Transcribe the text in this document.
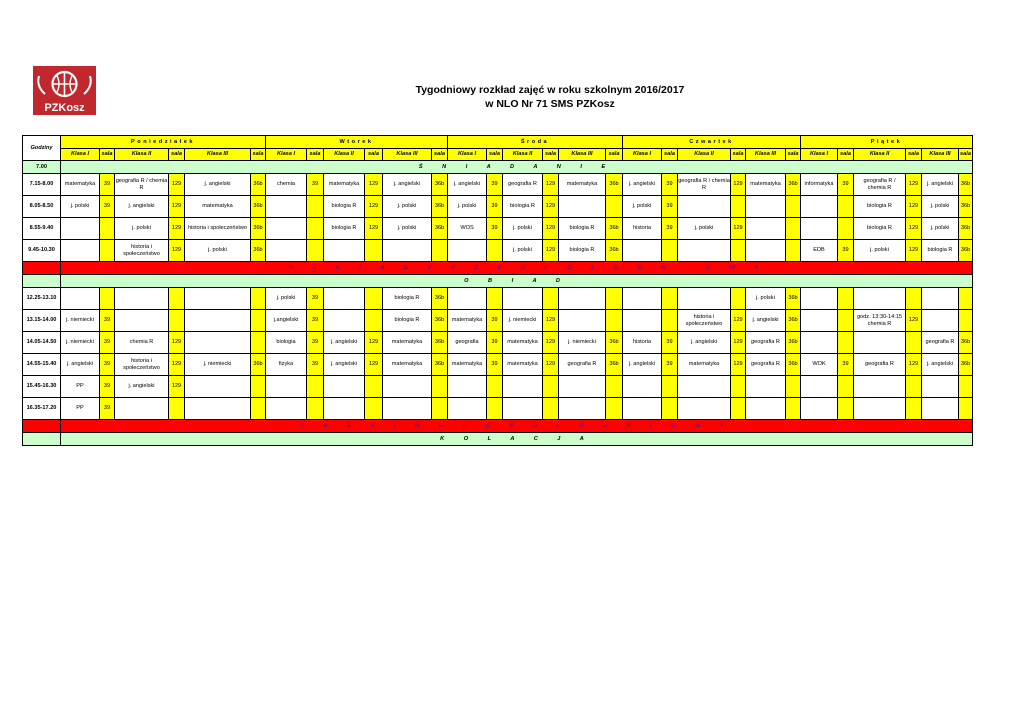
PZKosz
Tygodniowy rozkład zajęć w roku szkolnym 2016/2017
w NLO Nr 71 SMS PZKosz
Godziny	Poniedziałek						Wtorek						Środa						Czwartek						Piątek					
	Klasa I	sala	Klasa II	sala	Klasa III	sala	Klasa I	sala	Klasa II	sala	Klasa III	sala	Klasa I	sala	Klasa II	sala	Klasa III	sala	Klasa I	sala	Klasa II	sala	Klasa III	sala	Klasa I	sala	Klasa II	sala	Klasa III	sala
7.00	Ś N I A D A N I E																													
7.15-8.00	matematyka	39	geografia R / chemia R	129	j. angielski	36b	chemia	39	matematyka	129	j. angielski	36b	j. angielski	39	geografia R	129	matematyka	36b	j. angielski	39	geografia R / chemia R	129	matematyka	36b	informatyka	39	geografia R / chemia R	129	j. angielski	36b
8.05-8.50	j. polski	39	j. angielski	129	matematyka	36b			biologia R	129	j. polski	36b	j. polski	39	biologia R	129			j. polski	39							biologia R	129	j. polski	36b
8.55-9.40			j. polski	129	historia i społeczeństwo	36b			biologia R	129	j. polski	36b	WOS	39	j. polski	129	biologia R	36b	historia	39	j. polski	129					biologia R	129	j. polski	36b
9.45-10.30			historia i społeczeństwo	129	j. polski	36b									j. polski	129	biologia R	36b							EDB	39	j. polski	129	biologia R	36b
	T R E N I N G P R Z E D P O Ł U D N I O W Y																													
	O B I A D																													
12.25-13.10							j. polski	39			biologia R	36b											j. polski	36b						
13.15-14.00	j. niemiecki	39					j.angielski	39			biologia R	36b	matematyka	39	j. niemiecki	129					historia i społeczeństwo	129	j. angielski	36b			godz. 13:30-14:15 chemia R	129		
14.05-14.50	j. niemiecki	39	chemia R	129			biologia	39	j. angielski	129	matematyka	36b	geografia	39	matematyka	129	j. niemiecki	36b	historia	39	j. angielski	129	geografia R	36b					geografia R	36b
14.55-15.40	j. angielski	39	historia i społeczeństwo	129	j. niemiecki	36b	fizyka	39	j. angielski	129	matematyka	36b	matematyka	39	matematyka	129	geografia R	36b	j. angielski	39	matematyka	129	geografia R	36b	WOK	39	geografia R	129	j. angielski	36b
15.45-16.30	PP	39	j. angielski	129																										
16.35-17.20	PP	39																												
	T R E N I N G P O P O Ł U D N I O W Y																													
	K O L A C J A																													
